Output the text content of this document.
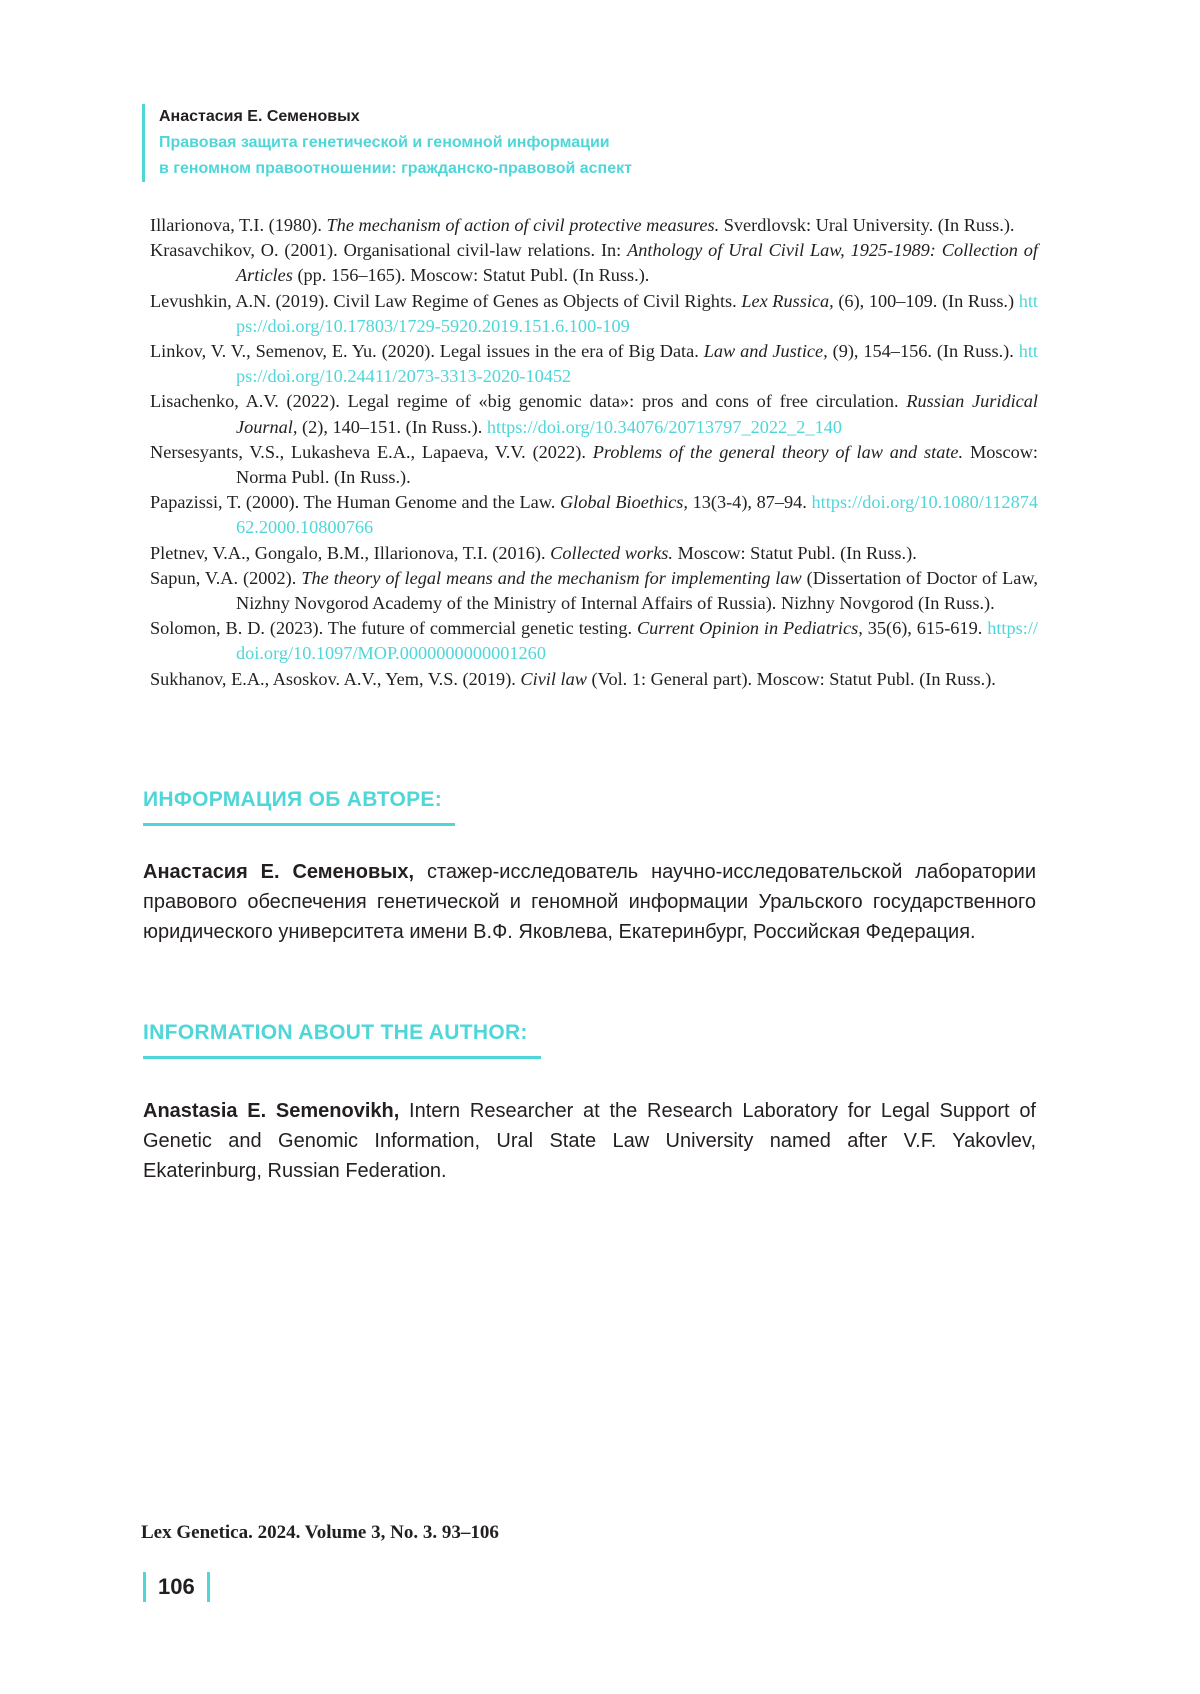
Анастасия Е. Семеновых
Правовая защита генетической и геномной информации
в геномном правоотношении: гражданско-правовой аспект

Illarionova, T.I. (1980). The mechanism of action of civil protective measures. Sverdlovsk: Ural University. (In Russ.).

Krasavchikov, O. (2001). Organisational civil-law relations. In: Anthology of Ural Civil Law, 1925-1989: Collection of Articles (pp. 156–165). Moscow: Statut Publ. (In Russ.).

Levushkin, A.N. (2019). Civil Law Regime of Genes as Objects of Civil Rights. Lex Russica, (6), 100–109. (In Russ.) https://doi.org/10.17803/1729-5920.2019.151.6.100-109

Linkov, V. V., Semenov, E. Yu. (2020). Legal issues in the era of Big Data. Law and Justice, (9), 154–156. (In Russ.). https://doi.org/10.24411/2073-3313-2020-10452

Lisachenko, A.V. (2022). Legal regime of «big genomic data»: pros and cons of free circulation. Russian Juridical Journal, (2), 140–151. (In Russ.). https://doi.org/10.34076/20713797_2022_2_140

Nersesyants, V.S., Lukasheva E.A., Lapaeva, V.V. (2022). Problems of the general theory of law and state. Moscow: Norma Publ. (In Russ.).

Papazissi, T. (2000). The Human Genome and the Law. Global Bioethics, 13(3-4), 87–94. https://doi.org/10.1080/11287462.2000.10800766

Pletnev, V.A., Gongalo, B.M., Illarionova, T.I. (2016). Collected works. Moscow: Statut Publ. (In Russ.).

Sapun, V.A. (2002). The theory of legal means and the mechanism for implementing law (Dissertation of Doctor of Law, Nizhny Novgorod Academy of the Ministry of Internal Affairs of Russia). Nizhny Novgorod (In Russ.).

Solomon, B. D. (2023). The future of commercial genetic testing. Current Opinion in Pediatrics, 35(6), 615-619. https://doi.org/10.1097/MOP.0000000000001260

Sukhanov, E.A., Asoskov. A.V., Yem, V.S. (2019). Civil law (Vol. 1: General part). Moscow: Statut Publ. (In Russ.).

ИНФОРМАЦИЯ ОБ АВТОРЕ:

Анастасия Е. Семеновых, стажер-исследователь научно-исследовательской лаборатории правового обеспечения генетической и геномной информации Уральского государственного юридического университета имени В.Ф. Яковлева, Екатеринбург, Российская Федерация.

INFORMATION ABOUT THE AUTHOR:

Anastasia E. Semenovikh, Intern Researcher at the Research Laboratory for Legal Support of Genetic and Genomic Information, Ural State Law University named after V.F. Yakovlev, Ekaterinburg, Russian Federation.

Lex Genetica. 2024. Volume 3, No. 3. 93–106
106
